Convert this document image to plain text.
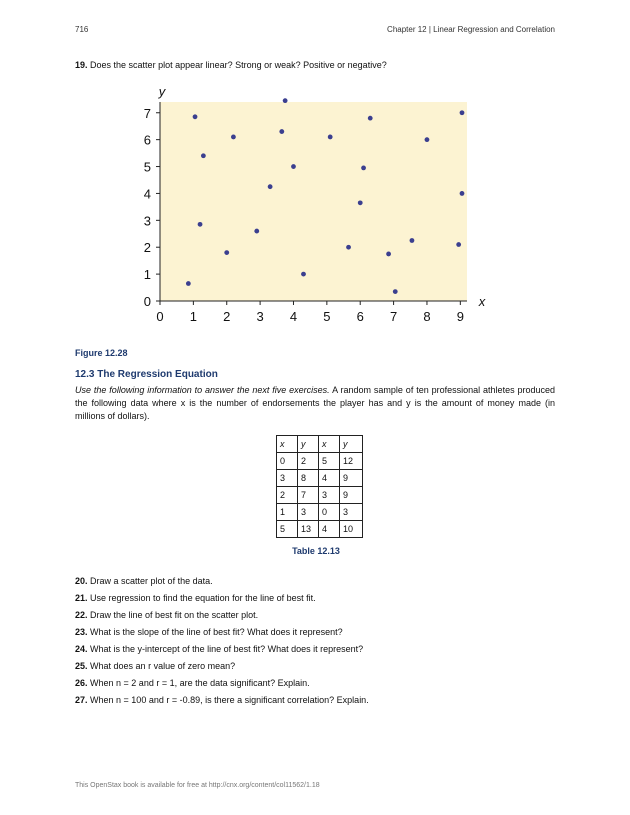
716	Chapter 12 | Linear Regression and Correlation
19. Does the scatter plot appear linear? Strong or weak? Positive or negative?
0 1 2 3 4 5 6 7 8 9
0
1
2
3
4
5
6
7
y
x
Figure 12.28
12.3 The Regression Equation
Use the following information to answer the next five exercises. A random sample of ten professional athletes produced the following data where x is the number of endorsements the player has and y is the amount of money made (in millions of dollars).
x	y	x	y
0	2	5	12
3	8	4	9
2	7	3	9
1	3	0	3
5	13	4	10
Table 12.13
20. Draw a scatter plot of the data.
21. Use regression to find the equation for the line of best fit.
22. Draw the line of best fit on the scatter plot.
23. What is the slope of the line of best fit? What does it represent?
24. What is the y-intercept of the line of best fit? What does it represent?
25. What does an r value of zero mean?
26. When n = 2 and r = 1, are the data significant? Explain.
27. When n = 100 and r = -0.89, is there a significant correlation? Explain.
This OpenStax book is available for free at http://cnx.org/content/col11562/1.18
